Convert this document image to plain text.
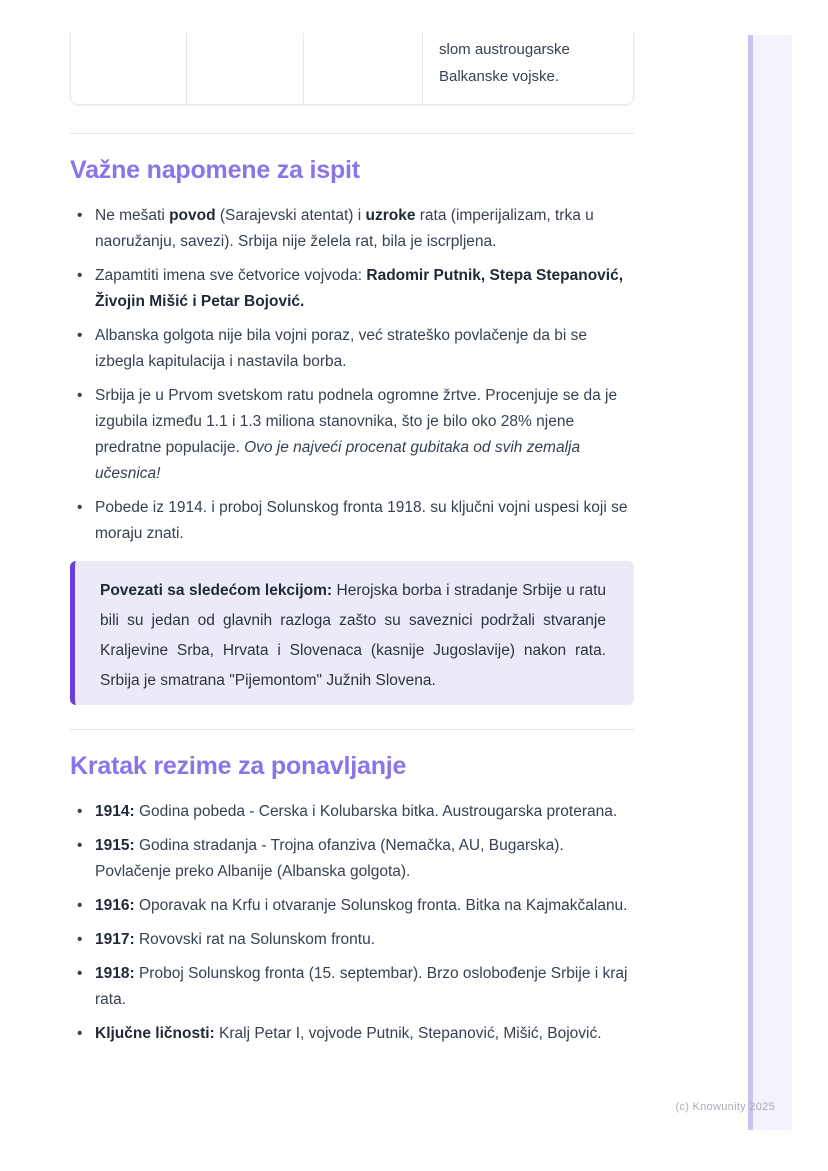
slom austrougarske
Balkanske vojske.
Važne napomene za ispit
• Ne mešati povod (Sarajevski atentat) i uzroke rata (imperijalizam, trka u naoružanju, savezi). Srbija nije želela rat, bila je iscrpljena.
• Zapamtiti imena sve četvorice vojvoda: Radomir Putnik, Stepa Stepanović, Živojin Mišić i Petar Bojović.
• Albanska golgota nije bila vojni poraz, već strateško povlačenje da bi se izbegla kapitulacija i nastavila borba.
• Srbija je u Prvom svetskom ratu podnela ogromne žrtve. Procenjuje se da je izgubila između 1.1 i 1.3 miliona stanovnika, što je bilo oko 28% njene predratne populacije. Ovo je najveći procenat gubitaka od svih zemalja učesnica!
• Pobede iz 1914. i proboj Solunskog fronta 1918. su ključni vojni uspesi koji se moraju znati.
Povezati sa sledećom lekcijom: Herojska borba i stradanje Srbije u ratu bili su jedan od glavnih razloga zašto su saveznici podržali stvaranje Kraljevine Srba, Hrvata i Slovenaca (kasnije Jugoslavije) nakon rata. Srbija je smatrana "Pijemontom" Južnih Slovena.
Kratak rezime za ponavljanje
• 1914: Godina pobeda - Cerska i Kolubarska bitka. Austrougarska proterana.
• 1915: Godina stradanja - Trojna ofanziva (Nemačka, AU, Bugarska). Povlačenje preko Albanije (Albanska golgota).
• 1916: Oporavak na Krfu i otvaranje Solunskog fronta. Bitka na Kajmakčalanu.
• 1917: Rovovski rat na Solunskom frontu.
• 1918: Proboj Solunskog fronta (15. septembar). Brzo oslobođenje Srbije i kraj rata.
• Ključne ličnosti: Kralj Petar I, vojvode Putnik, Stepanović, Mišić, Bojović.
(c) Knowunity 2025
